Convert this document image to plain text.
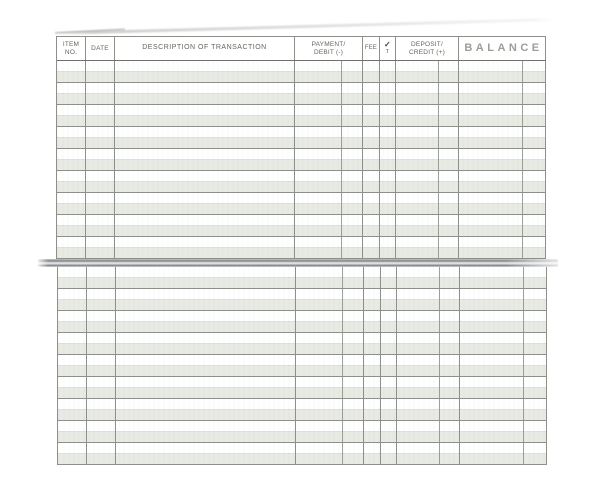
ITEM
NO.
DATE	DESCRIPTION OF TRANSACTION	PAYMENT/
DEBIT (-)
FEE ✓
T
DEPOSIT/
CREDIT (+) BALANCE
